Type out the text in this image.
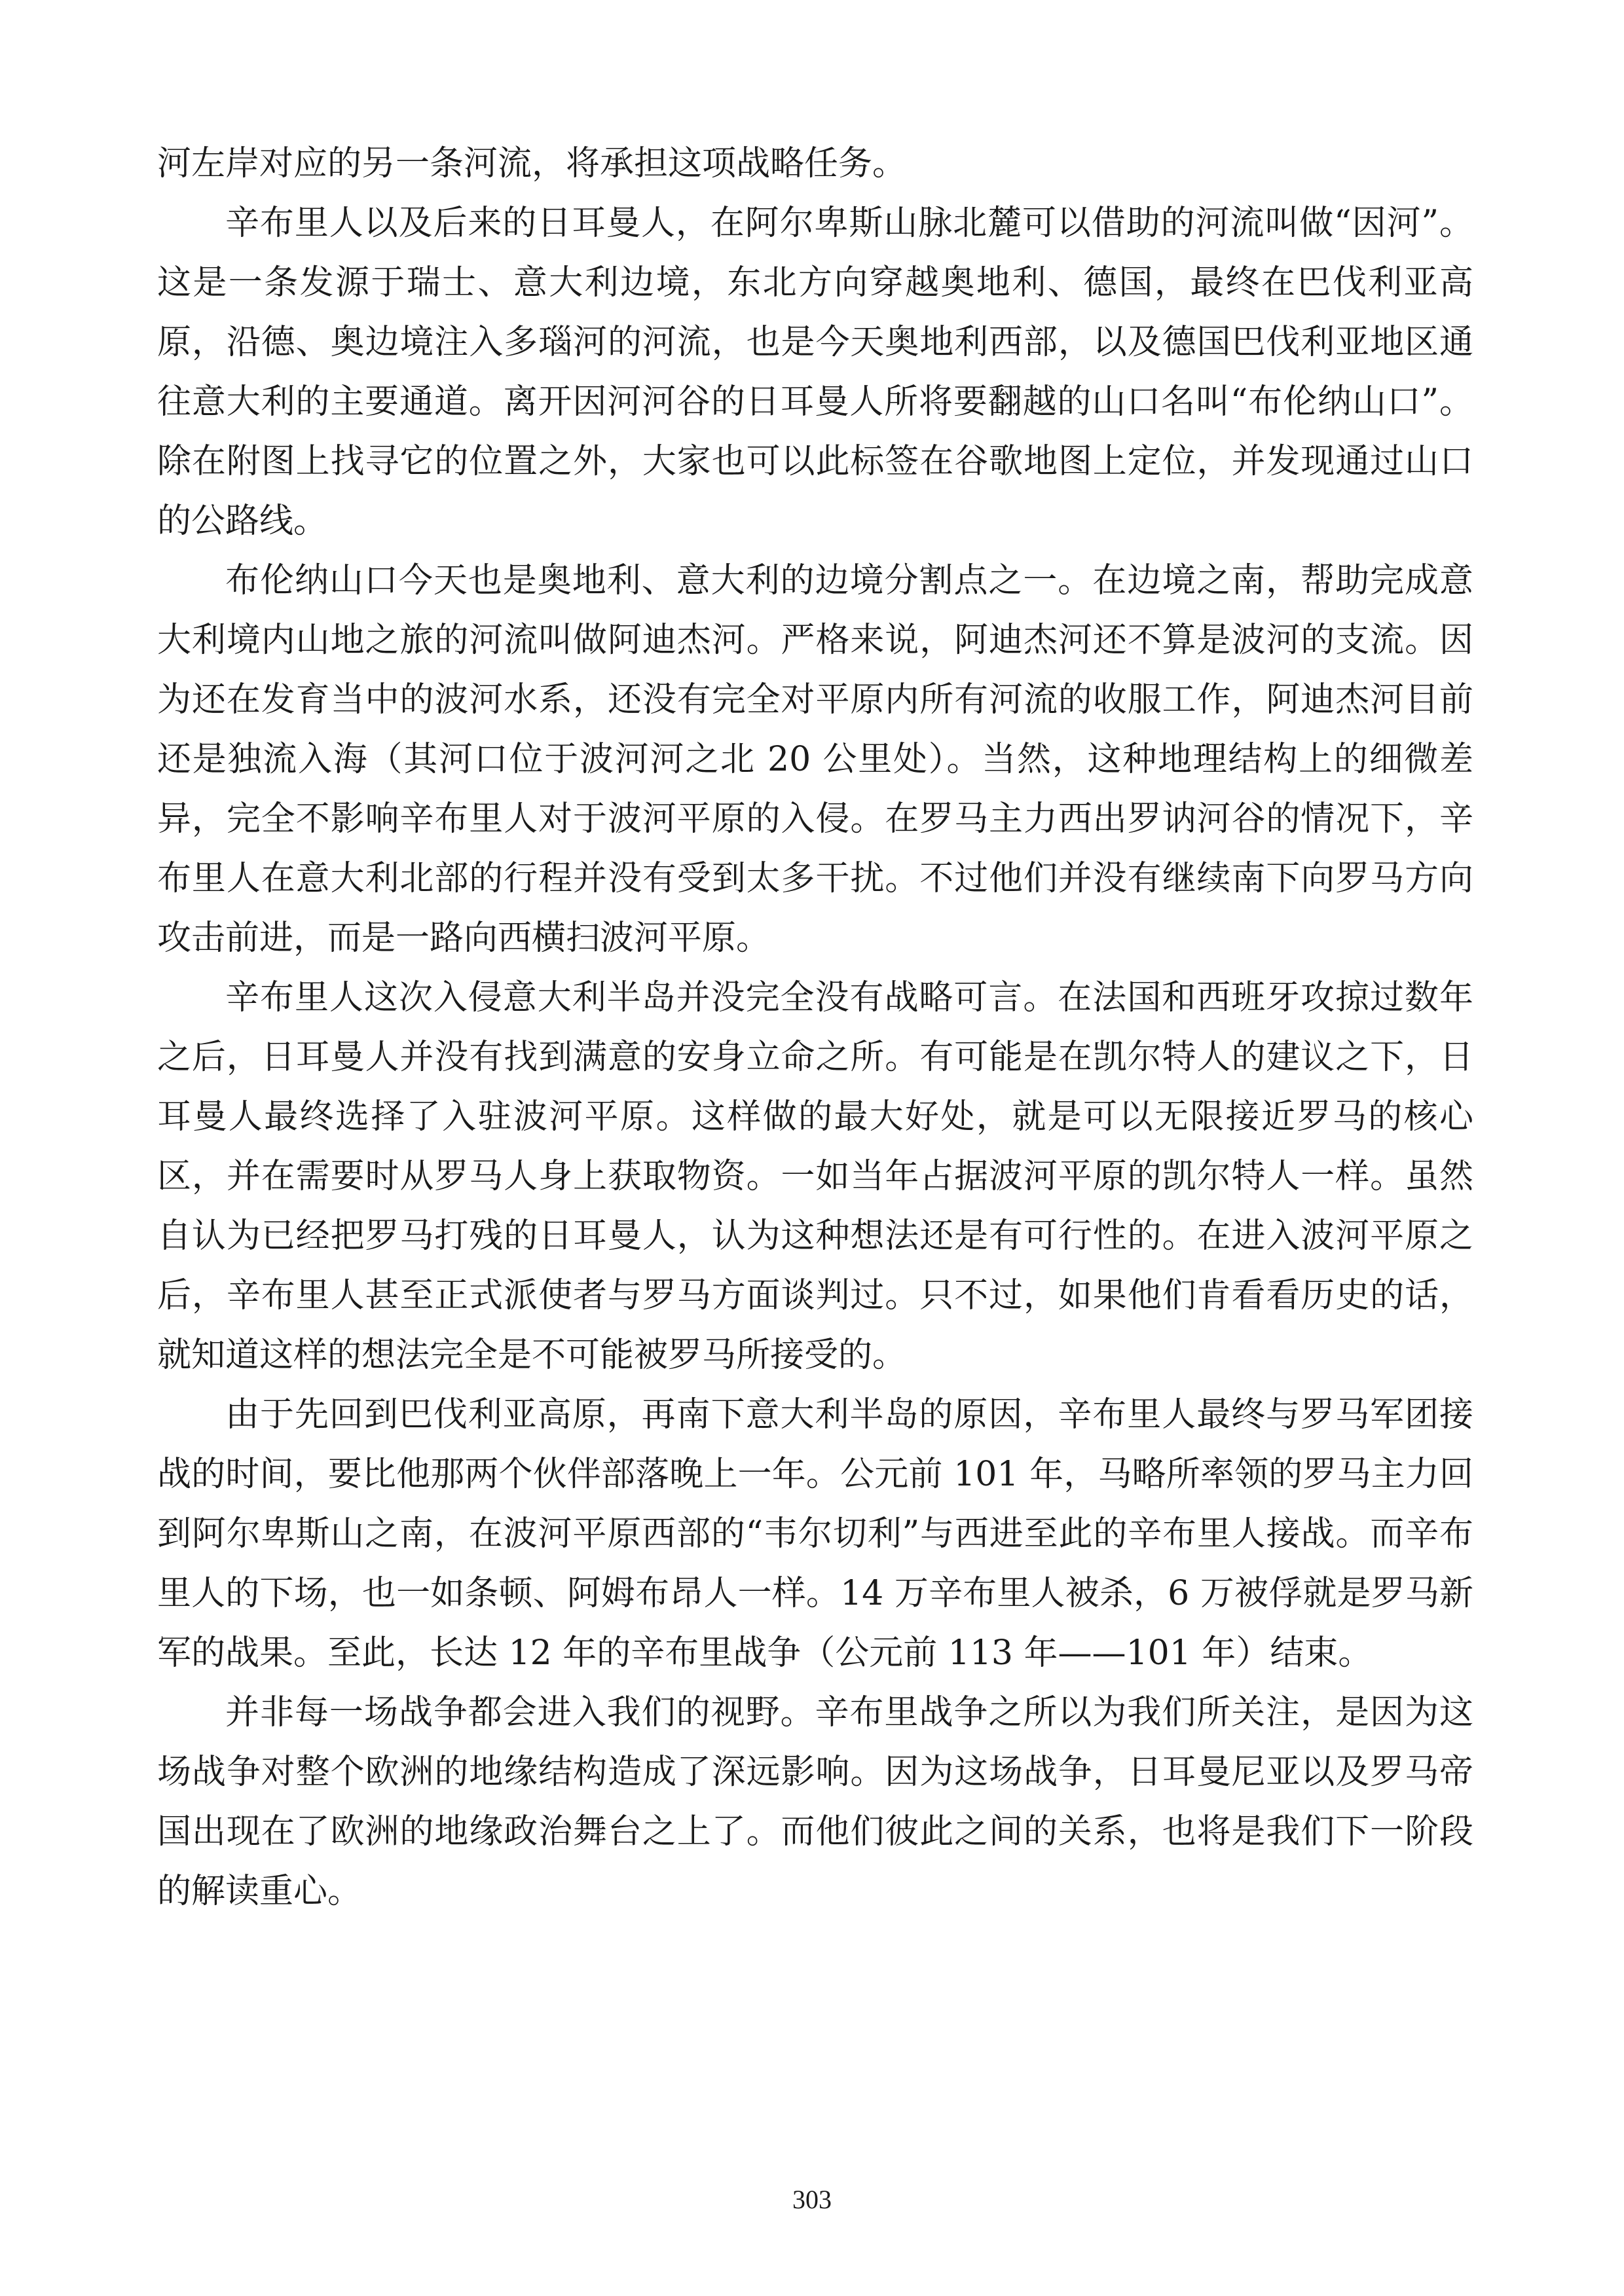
河左岸对应的另一条河流，将承担这项战略任务。

辛布里人以及后来的日耳曼人，在阿尔卑斯山脉北麓可以借助的河流叫做“因河”。这是一条发源于瑞士、意大利边境，东北方向穿越奥地利、德国，最终在巴伐利亚高原，沿德、奥边境注入多瑙河的河流，也是今天奥地利西部，以及德国巴伐利亚地区通往意大利的主要通道。离开因河河谷的日耳曼人所将要翻越的山口名叫“布伦纳山口”。除在附图上找寻它的位置之外，大家也可以此标签在谷歌地图上定位，并发现通过山口的公路线。

布伦纳山口今天也是奥地利、意大利的边境分割点之一。在边境之南，帮助完成意大利境内山地之旅的河流叫做阿迪杰河。严格来说，阿迪杰河还不算是波河的支流。因为还在发育当中的波河水系，还没有完全对平原内所有河流的收服工作，阿迪杰河目前还是独流入海（其河口位于波河河之北 20 公里处）。当然，这种地理结构上的细微差异，完全不影响辛布里人对于波河平原的入侵。在罗马主力西出罗讷河谷的情况下，辛布里人在意大利北部的行程并没有受到太多干扰。不过他们并没有继续南下向罗马方向攻击前进，而是一路向西横扫波河平原。

辛布里人这次入侵意大利半岛并没完全没有战略可言。在法国和西班牙攻掠过数年之后，日耳曼人并没有找到满意的安身立命之所。有可能是在凯尔特人的建议之下，日耳曼人最终选择了入驻波河平原。这样做的最大好处，就是可以无限接近罗马的核心区，并在需要时从罗马人身上获取物资。一如当年占据波河平原的凯尔特人一样。虽然自认为已经把罗马打残的日耳曼人，认为这种想法还是有可行性的。在进入波河平原之后，辛布里人甚至正式派使者与罗马方面谈判过。只不过，如果他们肯看看历史的话，就知道这样的想法完全是不可能被罗马所接受的。

由于先回到巴伐利亚高原，再南下意大利半岛的原因，辛布里人最终与罗马军团接战的时间，要比他那两个伙伴部落晚上一年。公元前 101 年，马略所率领的罗马主力回到阿尔卑斯山之南，在波河平原西部的“韦尔切利”与西进至此的辛布里人接战。而辛布里人的下场，也一如条顿、阿姆布昂人一样。14 万辛布里人被杀，6 万被俘就是罗马新军的战果。至此，长达 12 年的辛布里战争（公元前 113 年——101 年）结束。

并非每一场战争都会进入我们的视野。辛布里战争之所以为我们所关注，是因为这场战争对整个欧洲的地缘结构造成了深远影响。因为这场战争，日耳曼尼亚以及罗马帝国出现在了欧洲的地缘政治舞台之上了。而他们彼此之间的关系，也将是我们下一阶段的解读重心。

303
